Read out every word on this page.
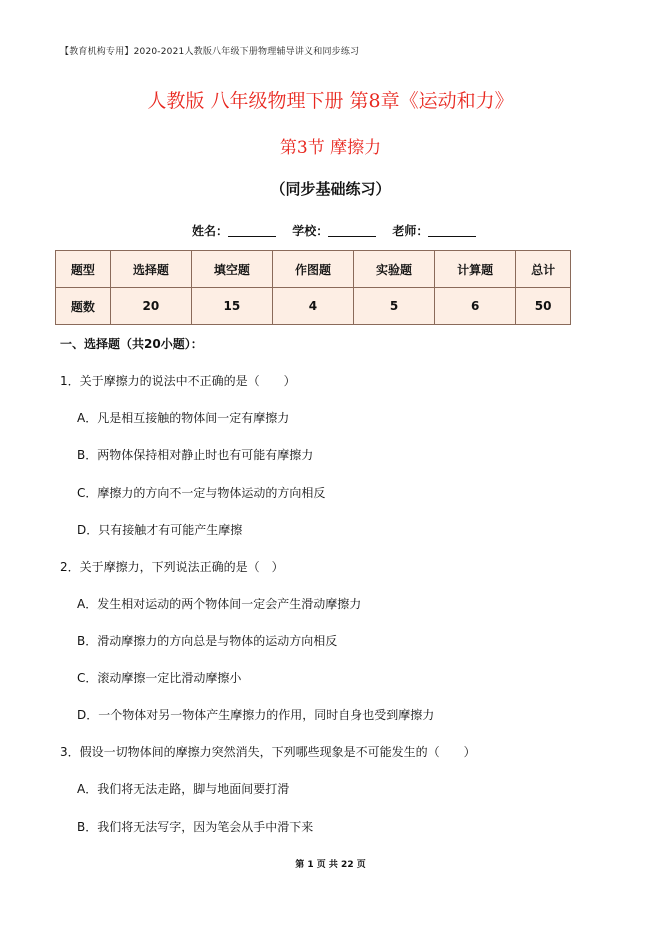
【教育机构专用】2020-2021人教版八年级下册物理辅导讲义和同步练习
人教版 八年级物理下册 第8章《运动和力》
第3节 摩擦力
（同步基础练习）
姓名：	学校：	老师：
题型	选择题	填空题	作图题	实验题	计算题	总计
题数	20	15	4	5	6	50
一、选择题（共20小题）：
1．关于摩擦力的说法中不正确的是（　　）
A．凡是相互接触的物体间一定有摩擦力
B．两物体保持相对静止时也有可能有摩擦力
C．摩擦力的方向不一定与物体运动的方向相反
D．只有接触才有可能产生摩擦
2．关于摩擦力，下列说法正确的是（　）
A．发生相对运动的两个物体间一定会产生滑动摩擦力
B．滑动摩擦力的方向总是与物体的运动方向相反
C．滚动摩擦一定比滑动摩擦小
D．一个物体对另一物体产生摩擦力的作用，同时自身也受到摩擦力
3．假设一切物体间的摩擦力突然消失，下列哪些现象是不可能发生的（　　）
A．我们将无法走路，脚与地面间要打滑
B．我们将无法写字，因为笔会从手中滑下来
第 1 页 共 22 页
